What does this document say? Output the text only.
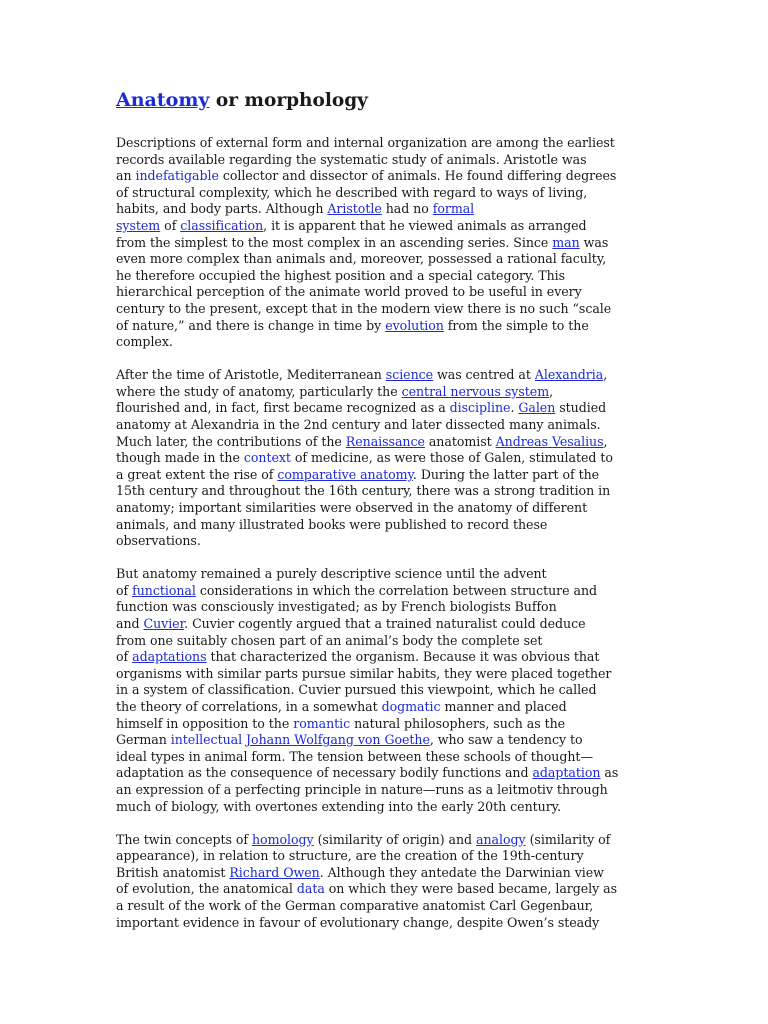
Anatomy or morphology

Descriptions of external form and internal organization are among the earliest
records available regarding the systematic study of animals. Aristotle was
an indefatigable collector and dissector of animals. He found differing degrees
of structural complexity, which he described with regard to ways of living,
habits, and body parts. Although Aristotle had no formal
system of classification, it is apparent that he viewed animals as arranged
from the simplest to the most complex in an ascending series. Since man was
even more complex than animals and, moreover, possessed a rational faculty,
he therefore occupied the highest position and a special category. This
hierarchical perception of the animate world proved to be useful in every
century to the present, except that in the modern view there is no such “scale
of nature,” and there is change in time by evolution from the simple to the
complex.

After the time of Aristotle, Mediterranean science was centred at Alexandria,
where the study of anatomy, particularly the central nervous system,
flourished and, in fact, first became recognized as a discipline. Galen studied
anatomy at Alexandria in the 2nd century and later dissected many animals.
Much later, the contributions of the Renaissance anatomist Andreas Vesalius,
though made in the context of medicine, as were those of Galen, stimulated to
a great extent the rise of comparative anatomy. During the latter part of the
15th century and throughout the 16th century, there was a strong tradition in
anatomy; important similarities were observed in the anatomy of different
animals, and many illustrated books were published to record these
observations.

But anatomy remained a purely descriptive science until the advent
of functional considerations in which the correlation between structure and
function was consciously investigated; as by French biologists Buffon
and Cuvier. Cuvier cogently argued that a trained naturalist could deduce
from one suitably chosen part of an animal’s body the complete set
of adaptations that characterized the organism. Because it was obvious that
organisms with similar parts pursue similar habits, they were placed together
in a system of classification. Cuvier pursued this viewpoint, which he called
the theory of correlations, in a somewhat dogmatic manner and placed
himself in opposition to the romantic natural philosophers, such as the
German intellectual Johann Wolfgang von Goethe, who saw a tendency to
ideal types in animal form. The tension between these schools of thought—
adaptation as the consequence of necessary bodily functions and adaptation as
an expression of a perfecting principle in nature—runs as a leitmotiv through
much of biology, with overtones extending into the early 20th century.

The twin concepts of homology (similarity of origin) and analogy (similarity of
appearance), in relation to structure, are the creation of the 19th-century
British anatomist Richard Owen. Although they antedate the Darwinian view
of evolution, the anatomical data on which they were based became, largely as
a result of the work of the German comparative anatomist Carl Gegenbaur,
important evidence in favour of evolutionary change, despite Owen’s steady
